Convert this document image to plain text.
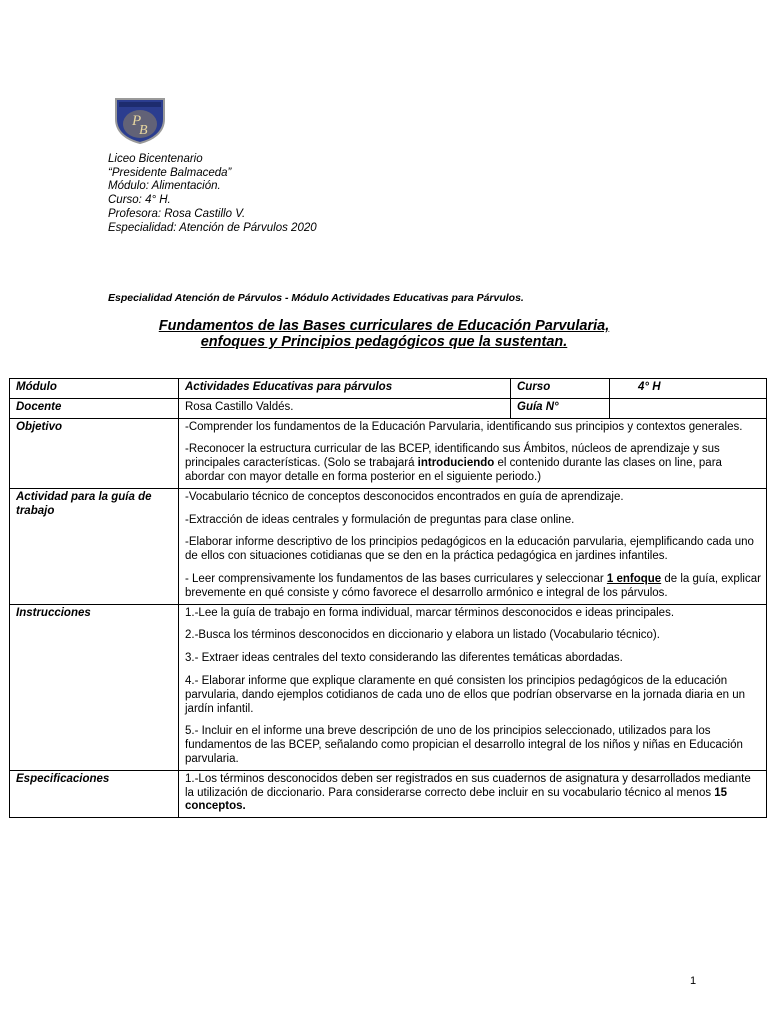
P
B
Liceo Bicentenario
“Presidente Balmaceda”
Módulo: Alimentación.
Curso: 4° H.
Profesora: Rosa Castillo V.
Especialidad: Atención de Párvulos 2020
Especialidad Atención de Párvulos - Módulo Actividades Educativas para Párvulos.
Fundamentos de las Bases curriculares de Educación Parvularia,
enfoques y Principios pedagógicos que la sustentan.
Módulo	Actividades Educativas para párvulos	Curso	4° H
Docente	Rosa Castillo Valdés.	Guía N°	
Objetivo	-Comprender los fundamentos de la Educación Parvularia, identificando sus principios y contextos generales.

-Reconocer la estructura curricular de las BCEP, identificando sus Ámbitos, núcleos de aprendizaje y sus principales características. (Solo se trabajará introduciendo el contenido durante las clases on line, para abordar con mayor detalle en forma posterior en el siguiente periodo.)		

Actividad para la guía de trabajo	-Vocabulario técnico de conceptos desconocidos encontrados en guía de aprendizaje.

-Extracción de ideas centrales y formulación de preguntas para clase online.

-Elaborar informe descriptivo de los principios pedagógicos en la educación parvularia, ejemplificando cada uno de ellos con situaciones cotidianas que se den en la práctica pedagógica en jardines infantiles.

- Leer comprensivamente los fundamentos de las bases curriculares y seleccionar 1 enfoque de la guía, explicar brevemente en qué consiste y cómo favorece el desarrollo armónico e integral de los párvulos.		

Instrucciones	1.-Lee la guía de trabajo en forma individual, marcar términos desconocidos e ideas principales.

2.-Busca los términos desconocidos en diccionario y elabora un listado (Vocabulario técnico).

3.- Extraer ideas centrales del texto considerando las diferentes temáticas abordadas.

4.- Elaborar informe que explique claramente en qué consisten los principios pedagógicos de la educación parvularia, dando ejemplos cotidianos de cada uno de ellos que podrían observarse en la jornada diaria en un jardín infantil.

5.- Incluir en el informe una breve descripción de uno de los principios seleccionado, utilizados para los fundamentos de las BCEP, señalando como propician el desarrollo integral de los niños y niñas en Educación parvularia.		

Especificaciones	1.-Los términos desconocidos deben ser registrados en sus cuadernos de asignatura y desarrollados mediante la utilización de diccionario. Para considerarse correcto debe incluir en su vocabulario técnico al menos 15 conceptos.		

1
